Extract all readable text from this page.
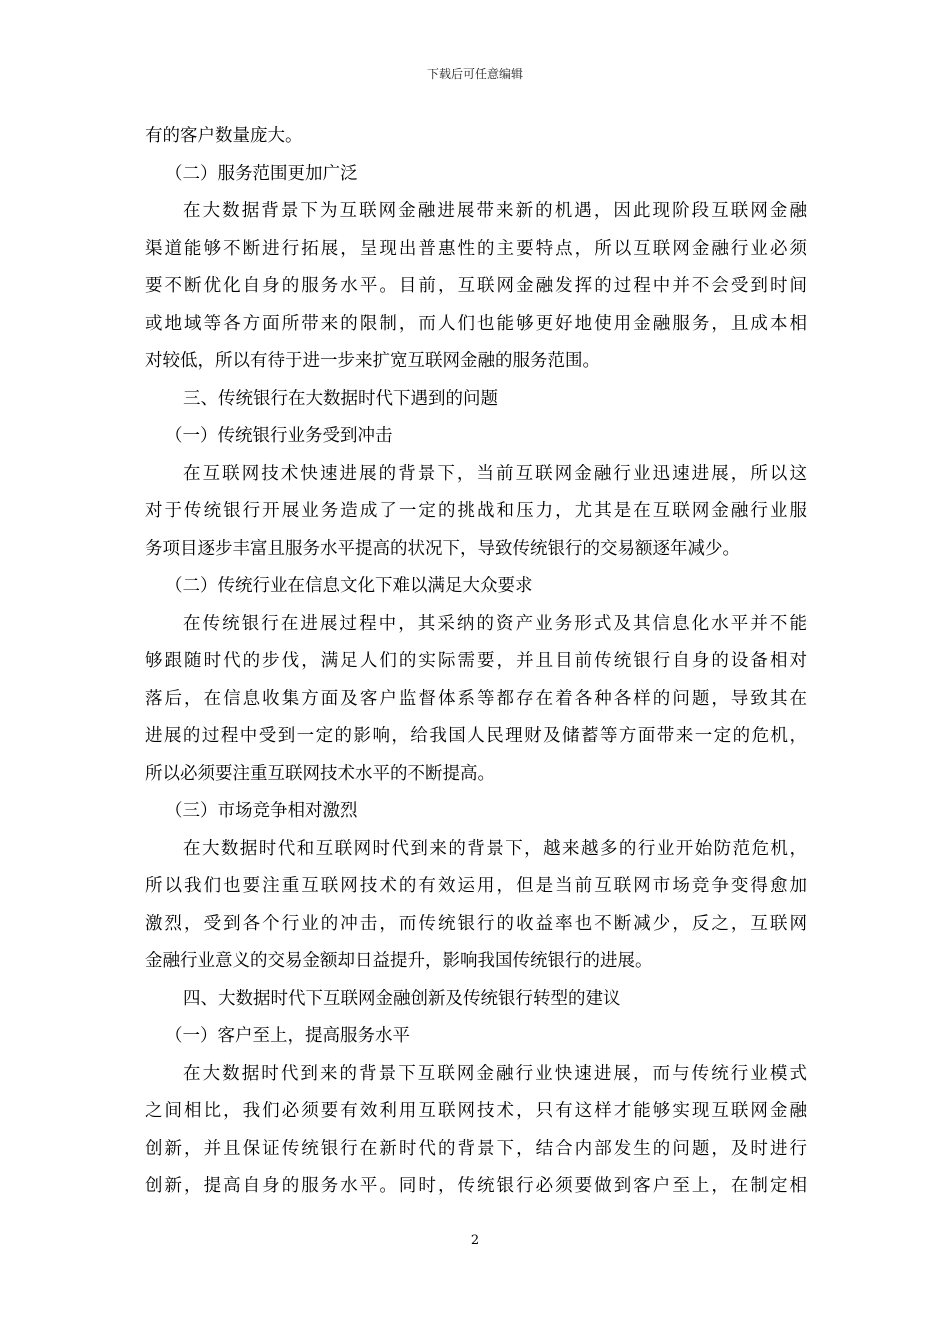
下载后可任意编辑
有的客户数量庞大。
（二）服务范围更加广泛
在大数据背景下为互联网金融进展带来新的机遇，因此现阶段互联网金融
渠道能够不断进行拓展，呈现出普惠性的主要特点，所以互联网金融行业必须
要不断优化自身的服务水平。目前，互联网金融发挥的过程中并不会受到时间
或地域等各方面所带来的限制，而人们也能够更好地使用金融服务，且成本相
对较低，所以有待于进一步来扩宽互联网金融的服务范围。
三、传统银行在大数据时代下遇到的问题
（一）传统银行业务受到冲击
在互联网技术快速进展的背景下，当前互联网金融行业迅速进展，所以这
对于传统银行开展业务造成了一定的挑战和压力，尤其是在互联网金融行业服
务项目逐步丰富且服务水平提高的状况下，导致传统银行的交易额逐年减少。
（二）传统行业在信息文化下难以满足大众要求
在传统银行在进展过程中，其采纳的资产业务形式及其信息化水平并不能
够跟随时代的步伐，满足人们的实际需要，并且目前传统银行自身的设备相对
落后，在信息收集方面及客户监督体系等都存在着各种各样的问题，导致其在
进展的过程中受到一定的影响，给我国人民理财及储蓄等方面带来一定的危机，
所以必须要注重互联网技术水平的不断提高。
（三）市场竞争相对激烈
在大数据时代和互联网时代到来的背景下，越来越多的行业开始防范危机，
所以我们也要注重互联网技术的有效运用，但是当前互联网市场竞争变得愈加
激烈，受到各个行业的冲击，而传统银行的收益率也不断减少，反之，互联网
金融行业意义的交易金额却日益提升，影响我国传统银行的进展。
四、大数据时代下互联网金融创新及传统银行转型的建议
（一）客户至上，提高服务水平
在大数据时代到来的背景下互联网金融行业快速进展，而与传统行业模式
之间相比，我们必须要有效利用互联网技术，只有这样才能够实现互联网金融
创新，并且保证传统银行在新时代的背景下，结合内部发生的问题，及时进行
创新，提高自身的服务水平。同时，传统银行必须要做到客户至上，在制定相
2
